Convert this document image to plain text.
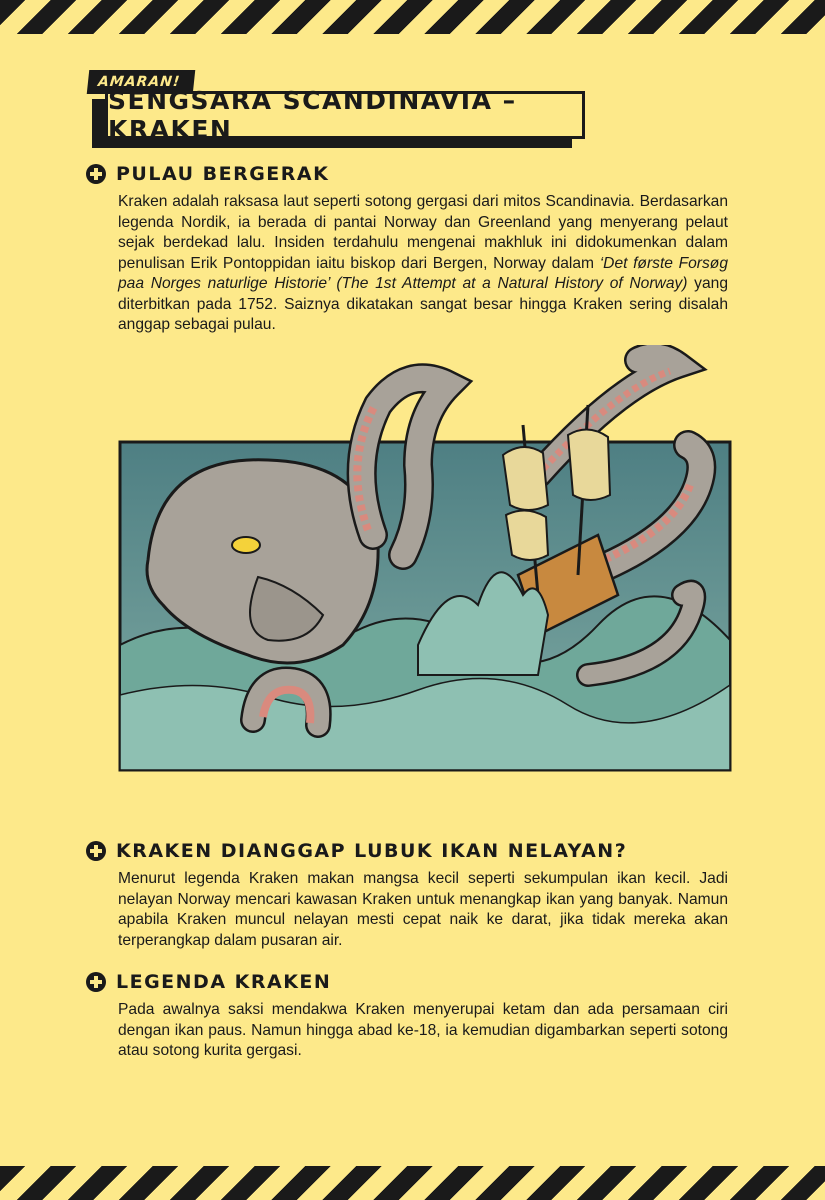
AMARAN!
SENGSARA SCANDINAVIA – KRAKEN
PULAU BERGERAK

Kraken adalah raksasa laut seperti sotong gergasi dari mitos Scandinavia. Berdasarkan legenda Nordik, ia berada di pantai Norway dan Greenland yang menyerang pelaut sejak berdekad lalu. Insiden terdahulu mengenai makhluk ini didokumenkan dalam penulisan Erik Pontoppidan iaitu biskop dari Bergen, Norway dalam ‘Det første Forsøg paa Norges naturlige Historie’ (The 1st Attempt at a Natural History of Norway) yang diterbitkan pada 1752. Saiznya dikatakan sangat besar hingga Kraken sering disalah anggap sebagai pulau.

KRAKEN DIANGGAP LUBUK IKAN NELAYAN?

Menurut legenda Kraken makan mangsa kecil seperti sekumpulan ikan kecil. Jadi nelayan Norway mencari kawasan Kraken untuk menangkap ikan yang banyak. Namun apabila Kraken muncul nelayan mesti cepat naik ke darat, jika tidak mereka akan terperangkap dalam pusaran air.

LEGENDA KRAKEN

Pada awalnya saksi mendakwa Kraken menyerupai ketam dan ada persamaan ciri dengan ikan paus. Namun hingga abad ke-18, ia kemudian digambarkan seperti sotong atau sotong kurita gergasi.
